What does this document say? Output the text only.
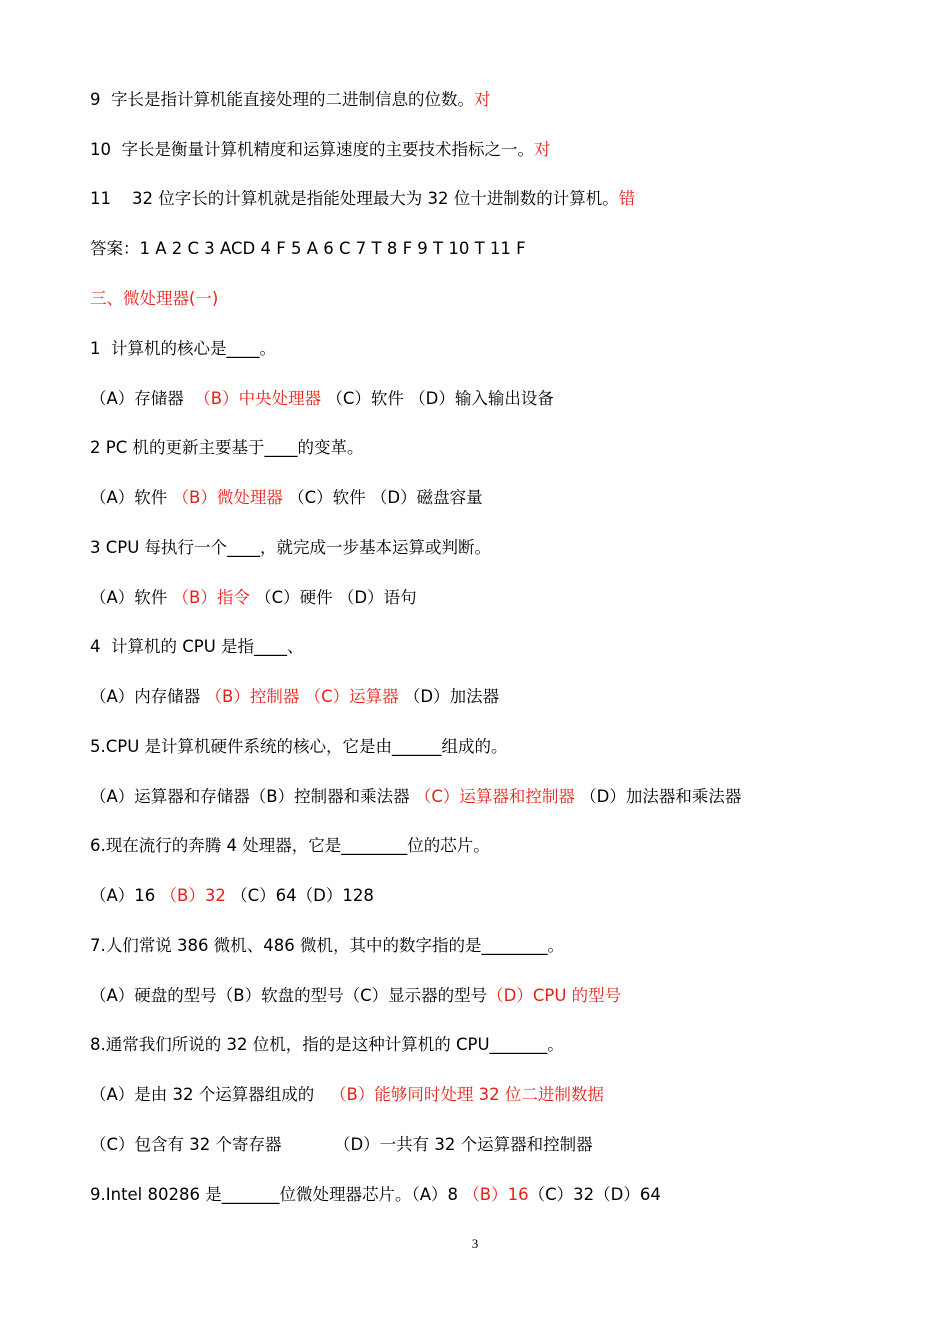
9  字长是指计算机能直接处理的二进制信息的位数。对
10  字长是衡量计算机精度和运算速度的主要技术指标之一。对
11    32 位字长的计算机就是指能处理最大为 32 位十进制数的计算机。错
答案：1 A 2 C 3 ACD 4 F 5 A 6 C 7 T 8 F 9 T 10 T 11 F
三、微处理器(一)
1  计算机的核心是____。
（A）存储器  （B）中央处理器 （C）软件 （D）输入输出设备
2 PC 机的更新主要基于____的变革。
（A）软件 （B）微处理器 （C）软件 （D）磁盘容量
3 CPU 每执行一个____，就完成一步基本运算或判断。
（A）软件 （B）指令 （C）硬件 （D）语句
4  计算机的 CPU 是指____、
（A）内存储器 （B）控制器 （C）运算器 （D）加法器
5.CPU 是计算机硬件系统的核心，它是由______组成的。
（A）运算器和存储器（B）控制器和乘法器 （C）运算器和控制器 （D）加法器和乘法器
6.现在流行的奔腾 4 处理器，它是________位的芯片。
（A）16 （B）32 （C）64（D）128
7.人们常说 386 微机、486 微机，其中的数字指的是________。
（A）硬盘的型号（B）软盘的型号（C）显示器的型号（D）CPU 的型号
8.通常我们所说的 32 位机，指的是这种计算机的 CPU_______。
（A）是由 32 个运算器组成的   （B）能够同时处理 32 位二进制数据
（C）包含有 32 个寄存器          （D）一共有 32 个运算器和控制器
9.Intel 80286 是_______位微处理器芯片。（A）8 （B）16（C）32（D）64
3
